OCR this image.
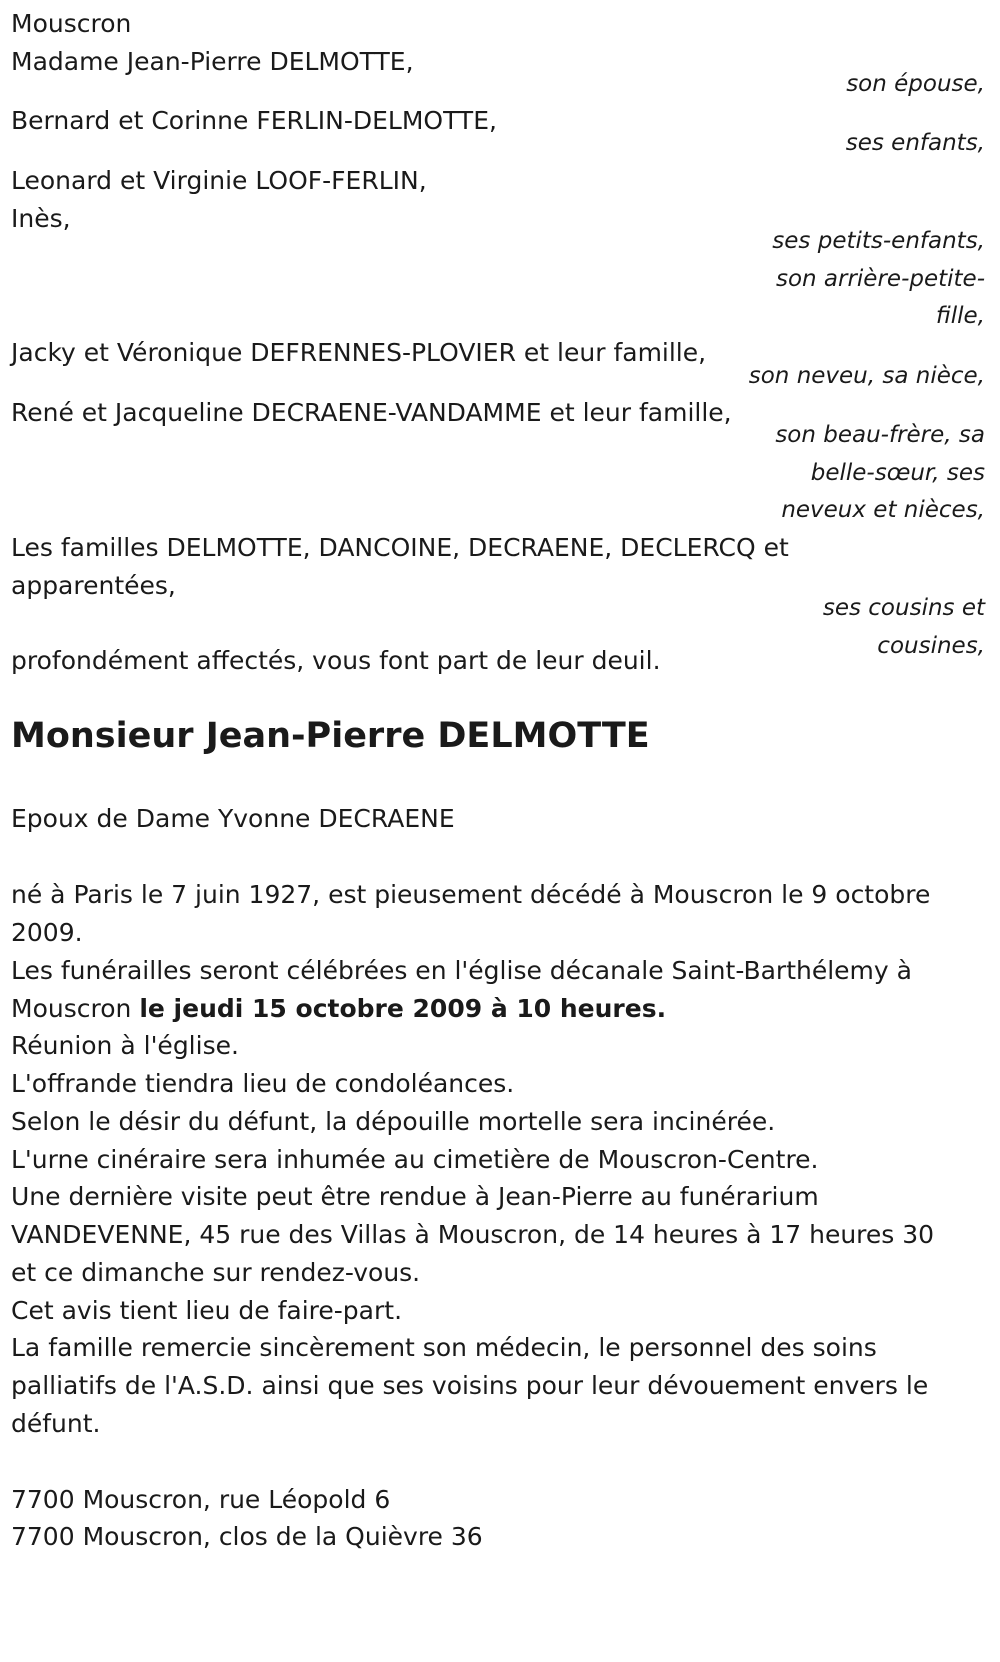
Mouscron
Madame Jean-Pierre DELMOTTE,
son épouse,
Bernard et Corinne FERLIN-DELMOTTE,
ses enfants,
Leonard et Virginie LOOF-FERLIN,
Inès,
ses petits-enfants,
son arrière-petite-
fille,
Jacky et Véronique DEFRENNES-PLOVIER et leur famille,
son neveu, sa nièce,
René et Jacqueline DECRAENE-VANDAMME et leur famille,
son beau-frère, sa
belle-sœur, ses
neveux et nièces,
Les familles DELMOTTE, DANCOINE, DECRAENE, DECLERCQ et
apparentées,
ses cousins et
cousines,
profondément affectés, vous font part de leur deuil.
Monsieur Jean-Pierre DELMOTTE
Epoux de Dame Yvonne DECRAENE
né à Paris le 7 juin 1927, est pieusement décédé à Mouscron le 9 octobre
2009.
Les funérailles seront célébrées en l'église décanale Saint-Barthélemy à
Mouscron le jeudi 15 octobre 2009 à 10 heures.
Réunion à l'église.
L'offrande tiendra lieu de condoléances.
Selon le désir du défunt, la dépouille mortelle sera incinérée.
L'urne cinéraire sera inhumée au cimetière de Mouscron-Centre.
Une dernière visite peut être rendue à Jean-Pierre au funérarium
VANDEVENNE, 45 rue des Villas à Mouscron, de 14 heures à 17 heures 30
et ce dimanche sur rendez-vous.
Cet avis tient lieu de faire-part.
La famille remercie sincèrement son médecin, le personnel des soins
palliatifs de l'A.S.D. ainsi que ses voisins pour leur dévouement envers le
défunt.
7700 Mouscron, rue Léopold 6
7700 Mouscron, clos de la Quièvre 36
